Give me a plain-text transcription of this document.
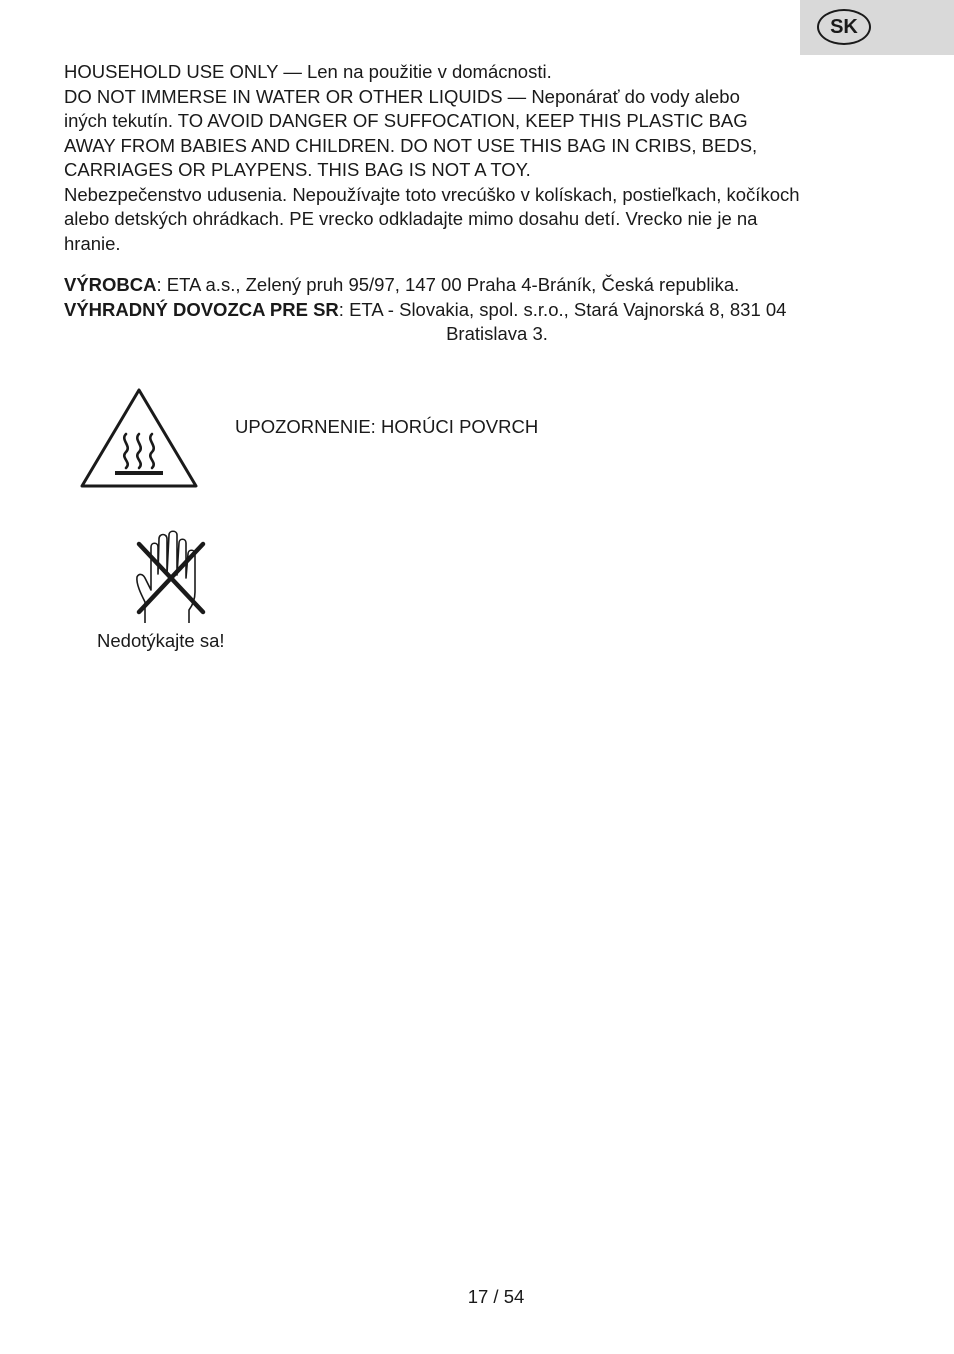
SK
HOUSEHOLD USE ONLY — Len na použitie v domácnosti.
DO NOT IMMERSE IN WATER OR OTHER LIQUIDS — Neponárať do vody alebo
iných tekutín. TO AVOID DANGER OF SUFFOCATION, KEEP THIS PLASTIC BAG
AWAY FROM BABIES AND CHILDREN. DO NOT USE THIS BAG IN CRIBS, BEDS,
CARRIAGES OR PLAYPENS. THIS BAG IS NOT A TOY.
Nebezpečenstvo udusenia. Nepoužívajte toto vrecúško v kolískach, postieľkach, kočíkoch
alebo detských ohrádkach. PE vrecko odkladajte mimo dosahu detí. Vrecko nie je na
hranie.
VÝROBCA: ETA a.s., Zelený pruh 95/97, 147 00 Praha 4-Bráník, Česká republika.
VÝHRADNÝ DOVOZCA PRE SR: ETA - Slovakia, spol. s.r.o., Stará Vajnorská 8, 831 04
Bratislava 3.
UPOZORNENIE: HORÚCI POVRCH
Nedotýkajte sa!
17 / 54
